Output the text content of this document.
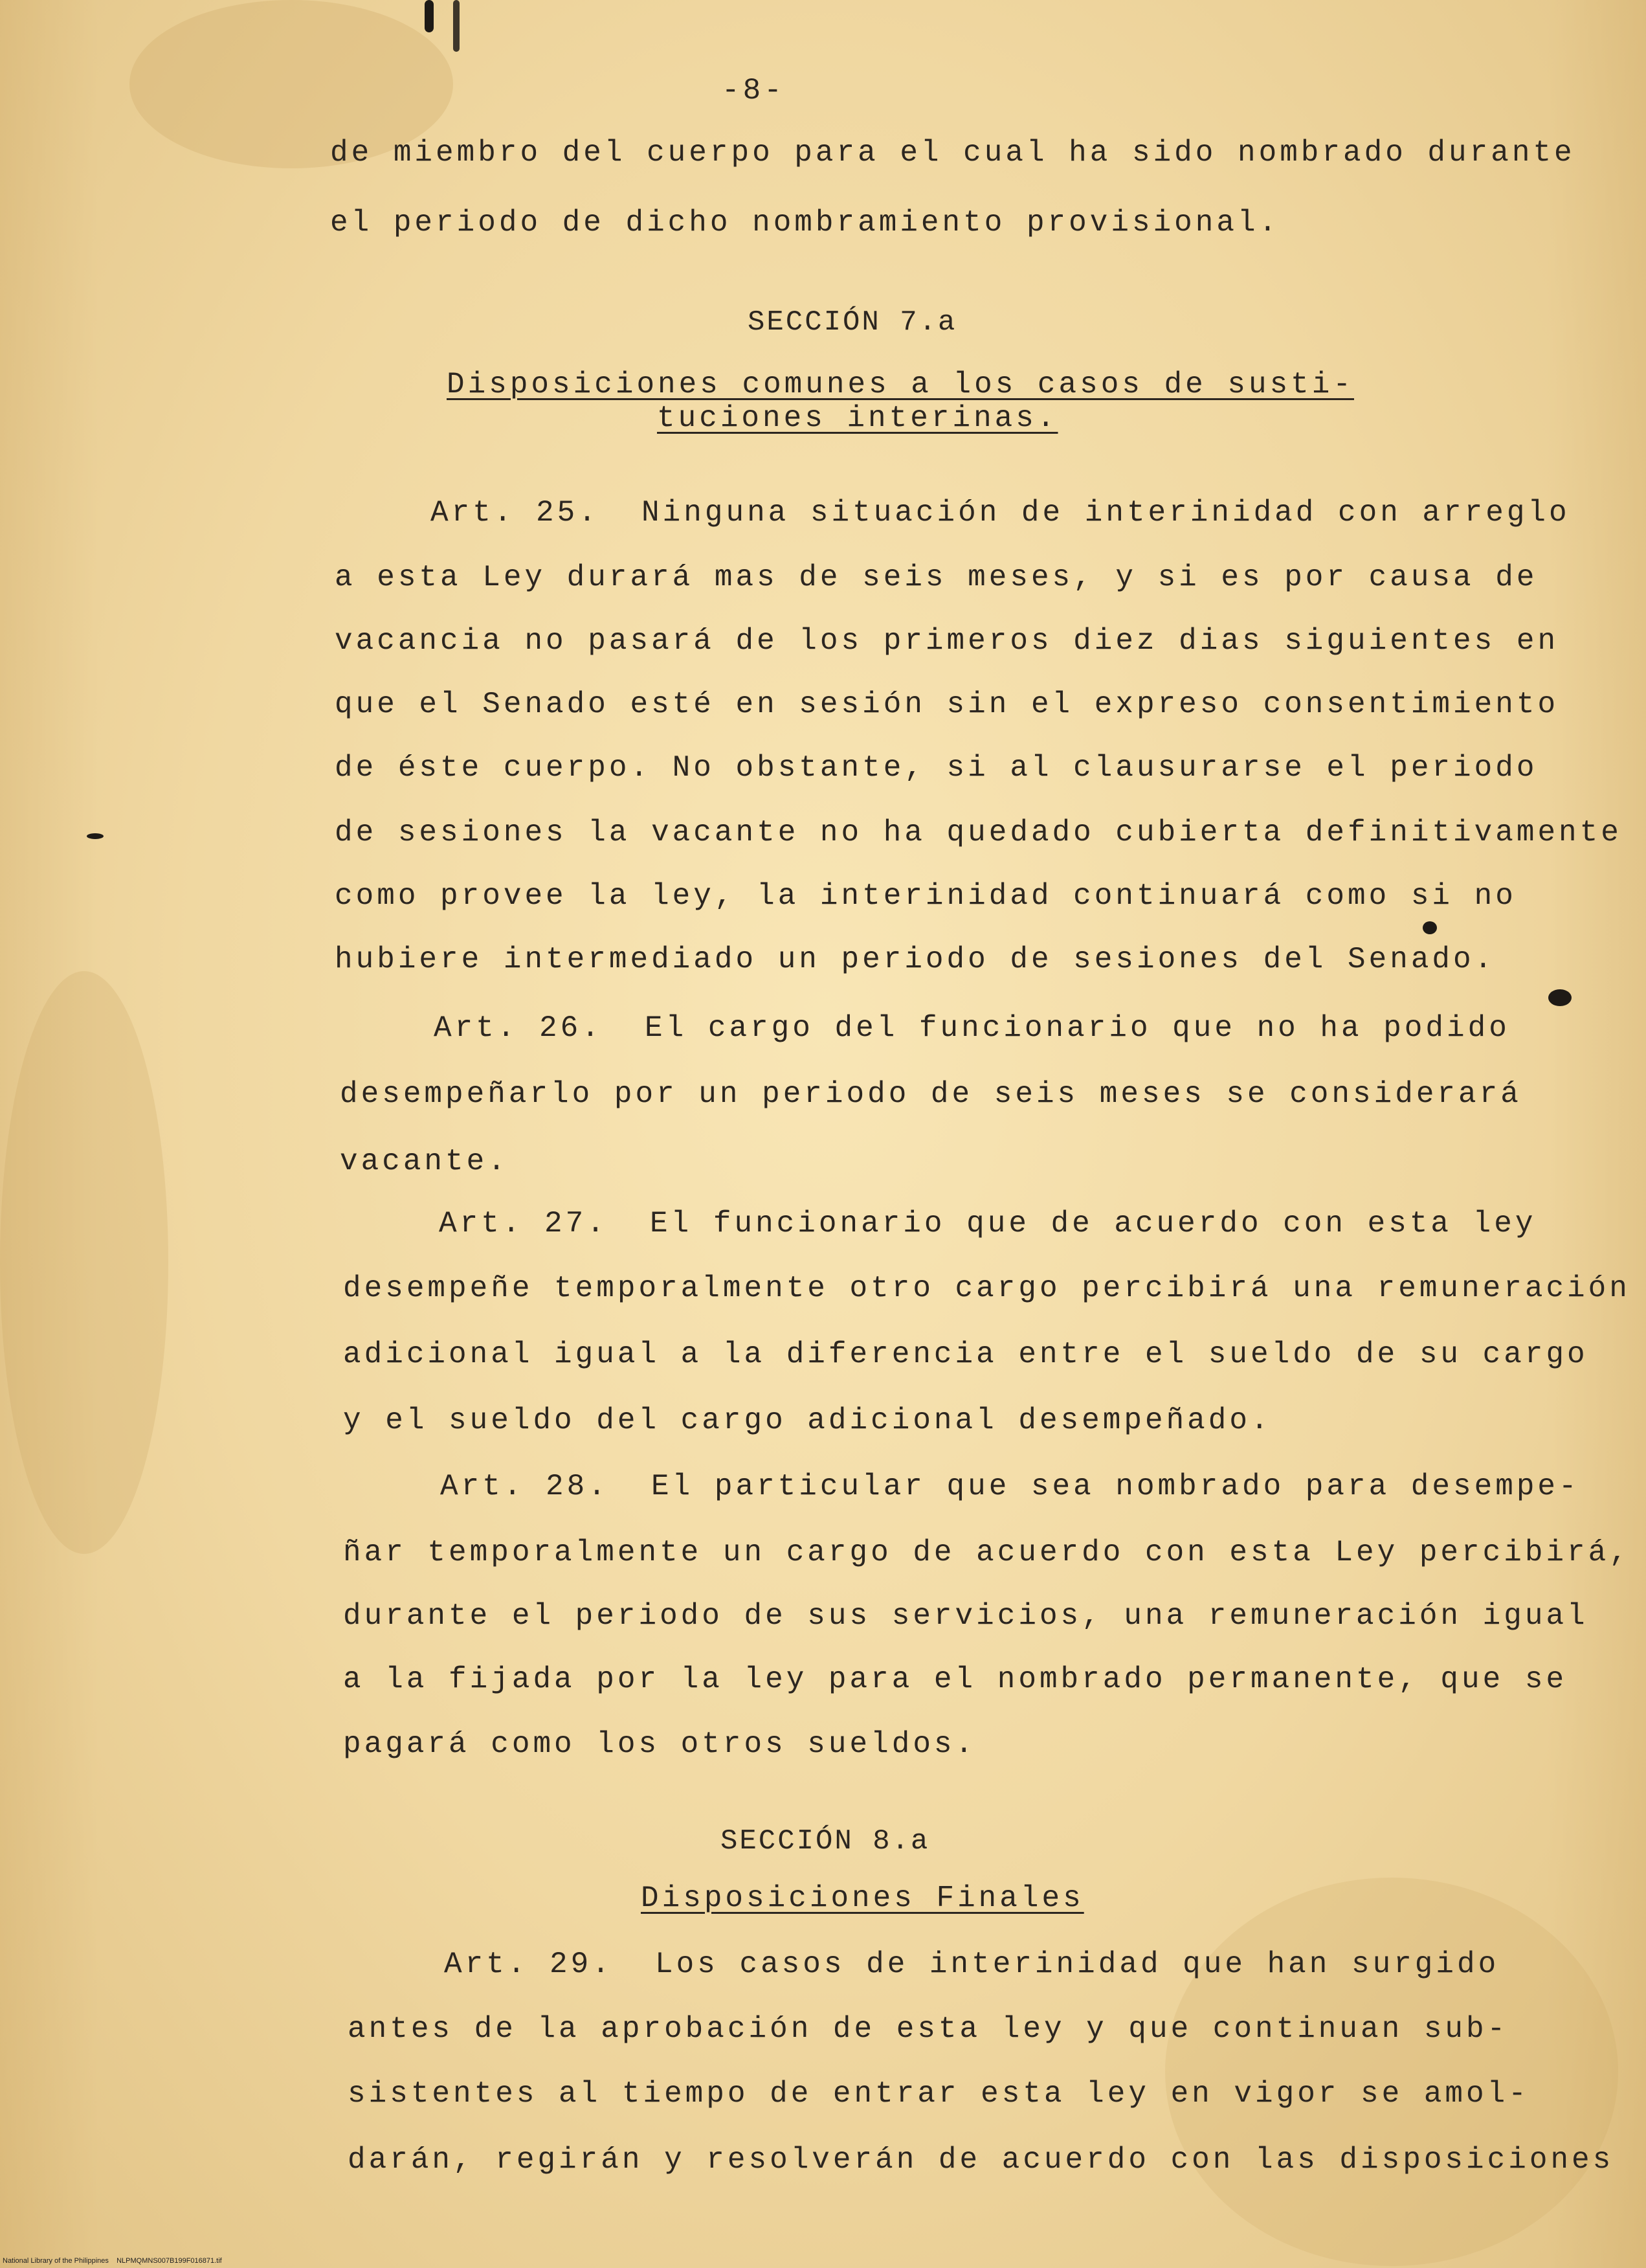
-8-
de miembro del cuerpo para el cual ha sido nombrado durante
el periodo de dicho nombramiento provisional.
SECCIÓN 7.a
Disposiciones comunes a los casos de susti-
tuciones interinas.
Art. 25.  Ninguna situación de interinidad con arreglo
a esta Ley durará mas de seis meses, y si es por causa de
vacancia no pasará de los primeros diez dias siguientes en
que el Senado esté en sesión sin el expreso consentimiento
de éste cuerpo. No obstante, si al clausurarse el periodo
de sesiones la vacante no ha quedado cubierta definitivamente
como provee la ley, la interinidad continuará como si no
hubiere intermediado un periodo de sesiones del Senado.
Art. 26.  El cargo del funcionario que no ha podido
desempeñarlo por un periodo de seis meses se considerará
vacante.
Art. 27.  El funcionario que de acuerdo con esta ley
desempeñe temporalmente otro cargo percibirá una remuneración
adicional igual a la diferencia entre el sueldo de su cargo
y el sueldo del cargo adicional desempeñado.
Art. 28.  El particular que sea nombrado para desempe-
ñar temporalmente un cargo de acuerdo con esta Ley percibirá,
durante el periodo de sus servicios, una remuneración igual
a la fijada por la ley para el nombrado permanente, que se
pagará como los otros sueldos.
SECCIÓN 8.a
Disposiciones Finales
Art. 29.  Los casos de interinidad que han surgido
antes de la aprobación de esta ley y que continuan sub-
sistentes al tiempo de entrar esta ley en vigor se amol-
darán, regirán y resolverán de acuerdo con las disposiciones
National Library of the Philippines    NLPMQMNS007B199F016871.tif
